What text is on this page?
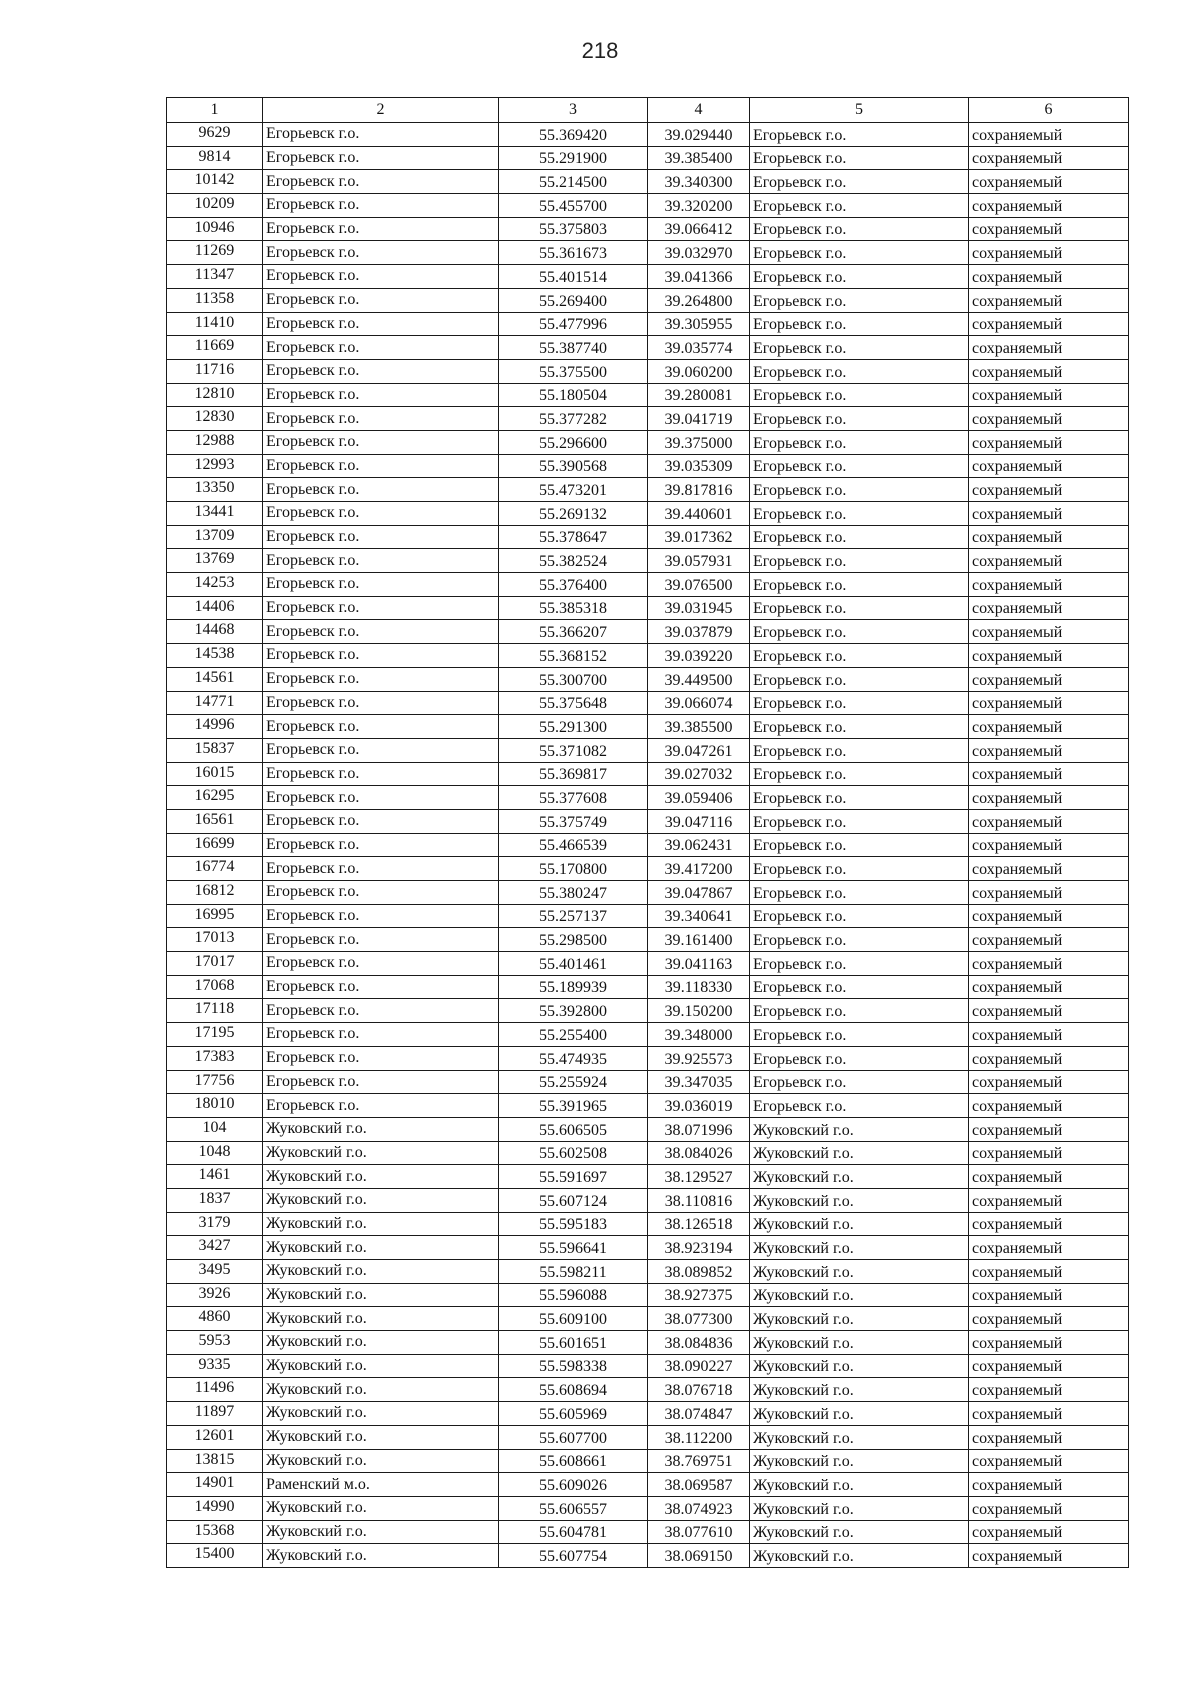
218
1	2	3	4	5	6
9629	Егорьевск г.о.	55.369420	39.029440	Егорьевск г.о.	сохраняемый
9814	Егорьевск г.о.	55.291900	39.385400	Егорьевск г.о.	сохраняемый
10142	Егорьевск г.о.	55.214500	39.340300	Егорьевск г.о.	сохраняемый
10209	Егорьевск г.о.	55.455700	39.320200	Егорьевск г.о.	сохраняемый
10946	Егорьевск г.о.	55.375803	39.066412	Егорьевск г.о.	сохраняемый
11269	Егорьевск г.о.	55.361673	39.032970	Егорьевск г.о.	сохраняемый
11347	Егорьевск г.о.	55.401514	39.041366	Егорьевск г.о.	сохраняемый
11358	Егорьевск г.о.	55.269400	39.264800	Егорьевск г.о.	сохраняемый
11410	Егорьевск г.о.	55.477996	39.305955	Егорьевск г.о.	сохраняемый
11669	Егорьевск г.о.	55.387740	39.035774	Егорьевск г.о.	сохраняемый
11716	Егорьевск г.о.	55.375500	39.060200	Егорьевск г.о.	сохраняемый
12810	Егорьевск г.о.	55.180504	39.280081	Егорьевск г.о.	сохраняемый
12830	Егорьевск г.о.	55.377282	39.041719	Егорьевск г.о.	сохраняемый
12988	Егорьевск г.о.	55.296600	39.375000	Егорьевск г.о.	сохраняемый
12993	Егорьевск г.о.	55.390568	39.035309	Егорьевск г.о.	сохраняемый
13350	Егорьевск г.о.	55.473201	39.817816	Егорьевск г.о.	сохраняемый
13441	Егорьевск г.о.	55.269132	39.440601	Егорьевск г.о.	сохраняемый
13709	Егорьевск г.о.	55.378647	39.017362	Егорьевск г.о.	сохраняемый
13769	Егорьевск г.о.	55.382524	39.057931	Егорьевск г.о.	сохраняемый
14253	Егорьевск г.о.	55.376400	39.076500	Егорьевск г.о.	сохраняемый
14406	Егорьевск г.о.	55.385318	39.031945	Егорьевск г.о.	сохраняемый
14468	Егорьевск г.о.	55.366207	39.037879	Егорьевск г.о.	сохраняемый
14538	Егорьевск г.о.	55.368152	39.039220	Егорьевск г.о.	сохраняемый
14561	Егорьевск г.о.	55.300700	39.449500	Егорьевск г.о.	сохраняемый
14771	Егорьевск г.о.	55.375648	39.066074	Егорьевск г.о.	сохраняемый
14996	Егорьевск г.о.	55.291300	39.385500	Егорьевск г.о.	сохраняемый
15837	Егорьевск г.о.	55.371082	39.047261	Егорьевск г.о.	сохраняемый
16015	Егорьевск г.о.	55.369817	39.027032	Егорьевск г.о.	сохраняемый
16295	Егорьевск г.о.	55.377608	39.059406	Егорьевск г.о.	сохраняемый
16561	Егорьевск г.о.	55.375749	39.047116	Егорьевск г.о.	сохраняемый
16699	Егорьевск г.о.	55.466539	39.062431	Егорьевск г.о.	сохраняемый
16774	Егорьевск г.о.	55.170800	39.417200	Егорьевск г.о.	сохраняемый
16812	Егорьевск г.о.	55.380247	39.047867	Егорьевск г.о.	сохраняемый
16995	Егорьевск г.о.	55.257137	39.340641	Егорьевск г.о.	сохраняемый
17013	Егорьевск г.о.	55.298500	39.161400	Егорьевск г.о.	сохраняемый
17017	Егорьевск г.о.	55.401461	39.041163	Егорьевск г.о.	сохраняемый
17068	Егорьевск г.о.	55.189939	39.118330	Егорьевск г.о.	сохраняемый
17118	Егорьевск г.о.	55.392800	39.150200	Егорьевск г.о.	сохраняемый
17195	Егорьевск г.о.	55.255400	39.348000	Егорьевск г.о.	сохраняемый
17383	Егорьевск г.о.	55.474935	39.925573	Егорьевск г.о.	сохраняемый
17756	Егорьевск г.о.	55.255924	39.347035	Егорьевск г.о.	сохраняемый
18010	Егорьевск г.о.	55.391965	39.036019	Егорьевск г.о.	сохраняемый
104	Жуковский г.о.	55.606505	38.071996	Жуковский г.о.	сохраняемый
1048	Жуковский г.о.	55.602508	38.084026	Жуковский г.о.	сохраняемый
1461	Жуковский г.о.	55.591697	38.129527	Жуковский г.о.	сохраняемый
1837	Жуковский г.о.	55.607124	38.110816	Жуковский г.о.	сохраняемый
3179	Жуковский г.о.	55.595183	38.126518	Жуковский г.о.	сохраняемый
3427	Жуковский г.о.	55.596641	38.923194	Жуковский г.о.	сохраняемый
3495	Жуковский г.о.	55.598211	38.089852	Жуковский г.о.	сохраняемый
3926	Жуковский г.о.	55.596088	38.927375	Жуковский г.о.	сохраняемый
4860	Жуковский г.о.	55.609100	38.077300	Жуковский г.о.	сохраняемый
5953	Жуковский г.о.	55.601651	38.084836	Жуковский г.о.	сохраняемый
9335	Жуковский г.о.	55.598338	38.090227	Жуковский г.о.	сохраняемый
11496	Жуковский г.о.	55.608694	38.076718	Жуковский г.о.	сохраняемый
11897	Жуковский г.о.	55.605969	38.074847	Жуковский г.о.	сохраняемый
12601	Жуковский г.о.	55.607700	38.112200	Жуковский г.о.	сохраняемый
13815	Жуковский г.о.	55.608661	38.769751	Жуковский г.о.	сохраняемый
14901	Раменский м.о.	55.609026	38.069587	Жуковский г.о.	сохраняемый
14990	Жуковский г.о.	55.606557	38.074923	Жуковский г.о.	сохраняемый
15368	Жуковский г.о.	55.604781	38.077610	Жуковский г.о.	сохраняемый
15400	Жуковский г.о.	55.607754	38.069150	Жуковский г.о.	сохраняемый
